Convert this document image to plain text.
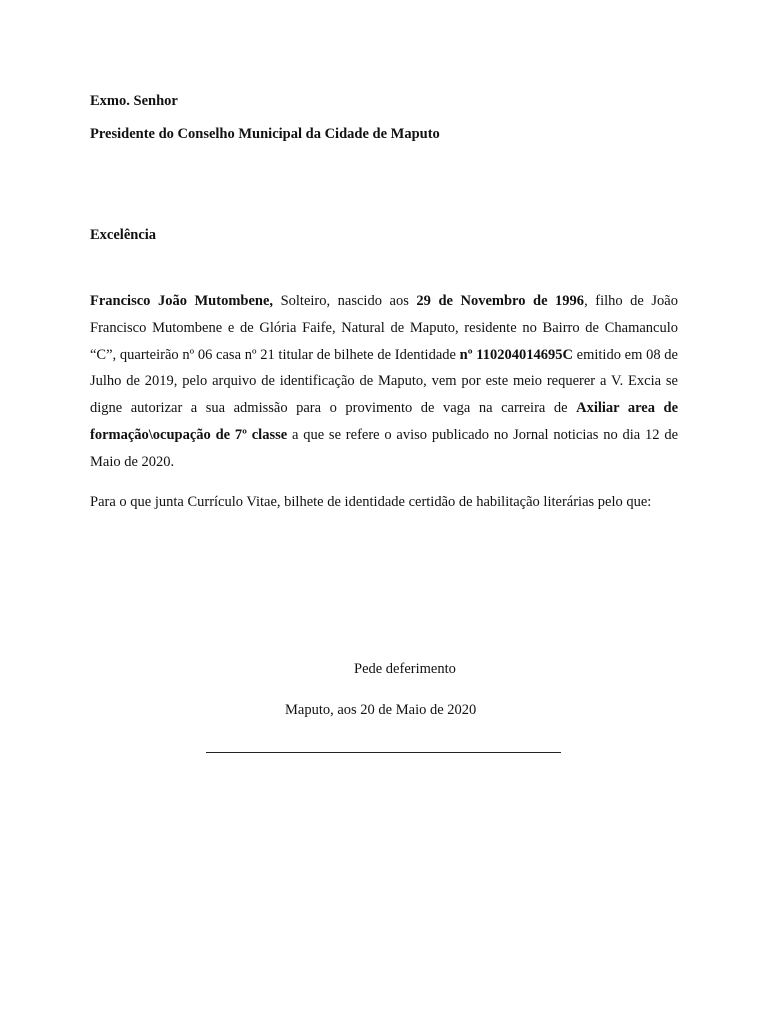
Exmo. Senhor
Presidente do Conselho Municipal da Cidade de Maputo
Excelência
Francisco João Mutombene, Solteiro, nascido aos 29 de Novembro de 1996, filho de João Francisco Mutombene e de Glória Faife, Natural de Maputo, residente no Bairro de Chamanculo “C”, quarteirão nº 06 casa nº 21 titular de bilhete de Identidade nº 110204014695C emitido em 08 de Julho de 2019, pelo arquivo de identificação de Maputo, vem por este meio requerer a V. Excia se digne autorizar a sua admissão para o provimento de vaga na carreira de Axiliar area de formação\ocupação de 7º classe a que se refere o aviso publicado no Jornal noticias no dia 12 de Maio de 2020.
Para o que junta Currículo Vitae, bilhete de identidade certidão de habilitação literárias pelo que:
Pede deferimento
Maputo, aos 20 de Maio de 2020
